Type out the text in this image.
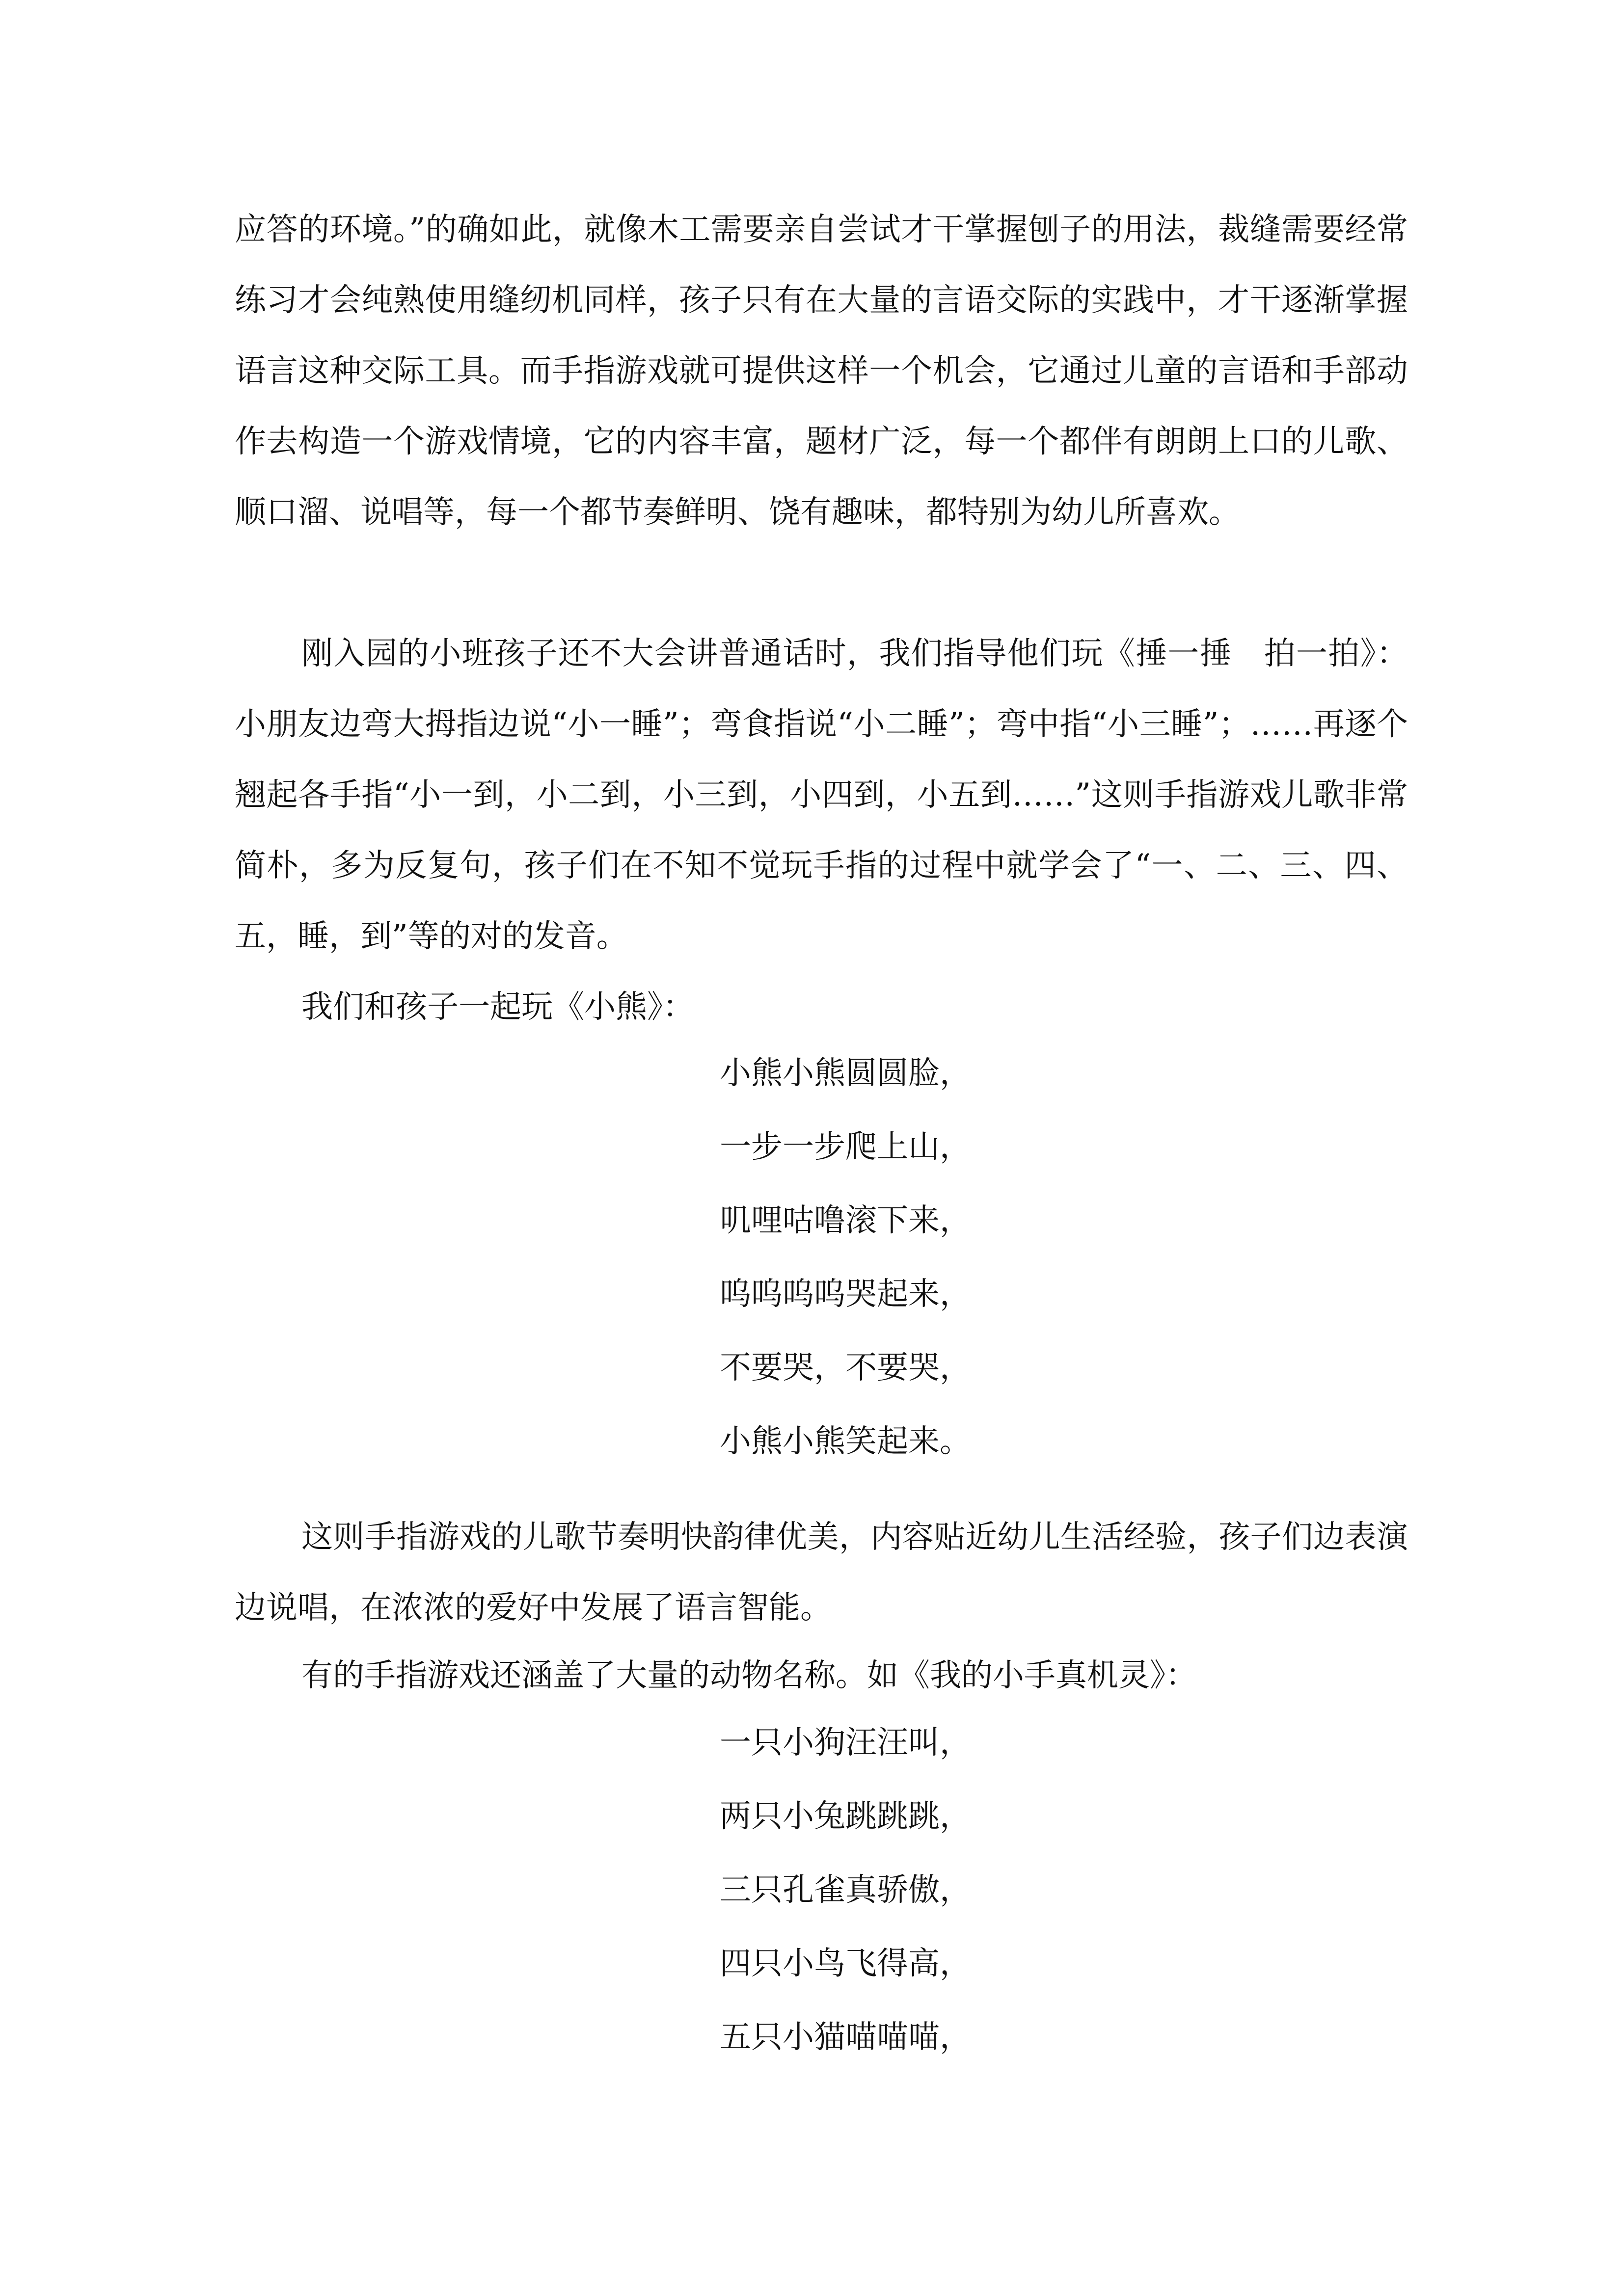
应答的环境。”的确如此，就像木工需要亲自尝试才干掌握刨子的用法，裁缝需要经常练习才会纯熟使用缝纫机同样，孩子只有在大量的言语交际的实践中，才干逐渐掌握语言这种交际工具。而手指游戏就可提供这样一个机会，它通过儿童的言语和手部动作去构造一个游戏情境，它的内容丰富，题材广泛，每一个都伴有朗朗上口的儿歌、顺口溜、说唱等，每一个都节奏鲜明、饶有趣味，都特别为幼儿所喜欢。

刚入园的小班孩子还不大会讲普通话时，我们指导他们玩《捶一捶　拍一拍》：小朋友边弯大拇指边说“小一睡”；弯食指说“小二睡”；弯中指“小三睡”；……再逐个翘起各手指“小一到，小二到，小三到，小四到，小五到……”这则手指游戏儿歌非常简朴，多为反复句，孩子们在不知不觉玩手指的过程中就学会了“一、二、三、四、五，睡，到”等的对的发音。

我们和孩子一起玩《小熊》：

小熊小熊圆圆脸，
一步一步爬上山，
叽哩咕噜滚下来，
呜呜呜呜哭起来，
不要哭，不要哭，
小熊小熊笑起来。

这则手指游戏的儿歌节奏明快韵律优美，内容贴近幼儿生活经验，孩子们边表演边说唱，在浓浓的爱好中发展了语言智能。

有的手指游戏还涵盖了大量的动物名称。如《我的小手真机灵》：

一只小狗汪汪叫，
两只小兔跳跳跳，
三只孔雀真骄傲，
四只小鸟飞得高，
五只小猫喵喵喵，
